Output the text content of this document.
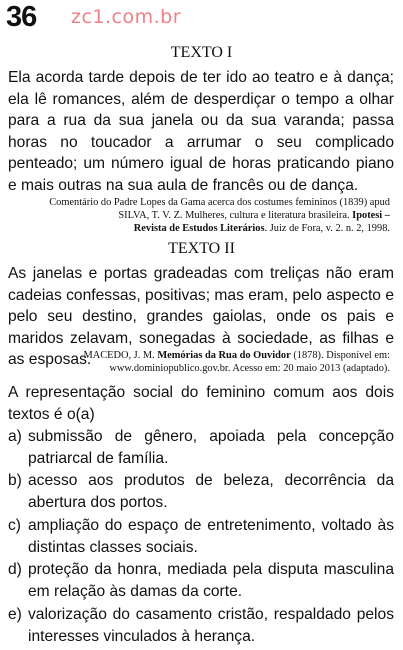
36 zc1.com.br
TEXTO I
Ela acorda tarde depois de ter ido ao teatro e à dança; ela lê romances, além de desperdiçar o tempo a olhar para a rua da sua janela ou da sua varanda; passa horas no toucador a arrumar o seu complicado penteado; um número igual de horas praticando piano e mais outras na sua aula de francês ou de dança.
Comentário do Padre Lopes da Gama acerca dos costumes femininos (1839) apud
SILVA, T. V. Z. Mulheres, cultura e literatura brasileira. Ipotesi –
Revista de Estudos Literários. Juiz de Fora, v. 2. n. 2, 1998.
TEXTO II
As janelas e portas gradeadas com treliças não eram cadeias confessas, positivas; mas eram, pelo aspecto e pelo seu destino, grandes gaiolas, onde os pais e maridos zelavam, sonegadas à sociedade, as filhas e as esposas.
MACEDO, J. M. Memórias da Rua do Ouvidor (1878). Disponível em:
www.dominiopublico.gov.br. Acesso em: 20 maio 2013 (adaptado).
A representação social do feminino comum aos dois textos é o(a)
a) submissão de gênero, apoiada pela concepção patriarcal de família.
b) acesso aos produtos de beleza, decorrência da abertura dos portos.
c) ampliação do espaço de entretenimento, voltado às distintas classes sociais.
d) proteção da honra, mediada pela disputa masculina em relação às damas da corte.
e) valorização do casamento cristão, respaldado pelos interesses vinculados à herança.
